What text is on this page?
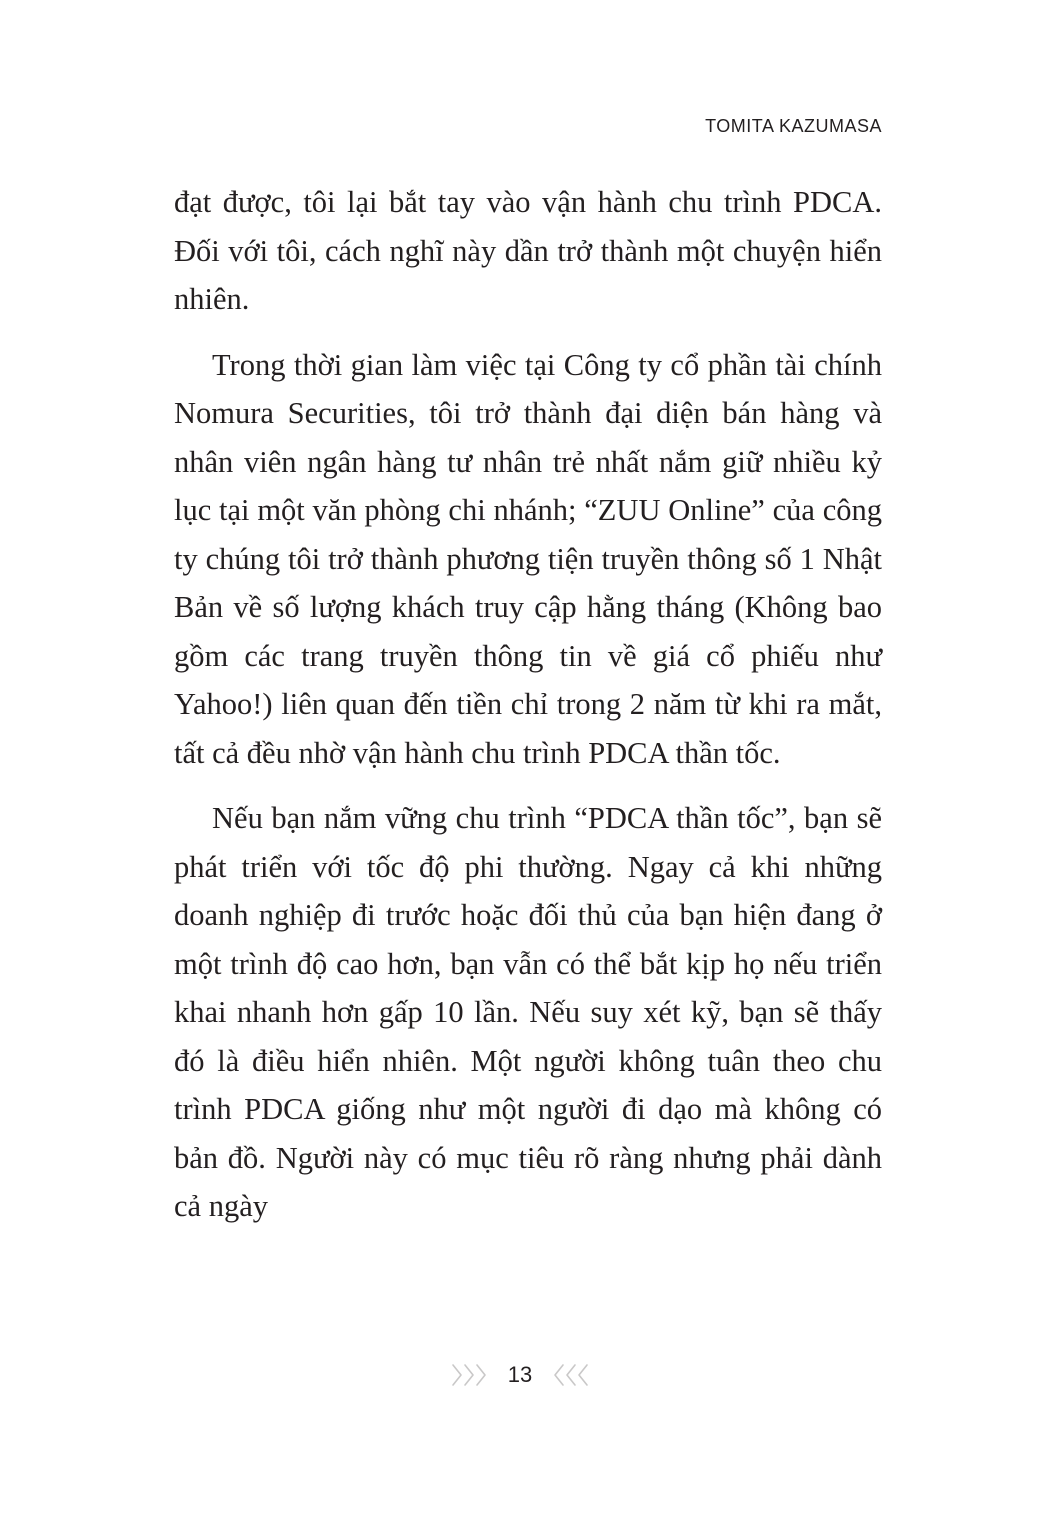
TOMITA KAZUMASA

đạt được, tôi lại bắt tay vào vận hành chu trình PDCA. Đối với tôi, cách nghĩ này dần trở thành một chuyện hiển nhiên.

Trong thời gian làm việc tại Công ty cổ phần tài chính Nomura Securities, tôi trở thành đại diện bán hàng và nhân viên ngân hàng tư nhân trẻ nhất nắm giữ nhiều kỷ lục tại một văn phòng chi nhánh; “ZUU Online” của công ty chúng tôi trở thành phương tiện truyền thông số 1 Nhật Bản về số lượng khách truy cập hằng tháng (Không bao gồm các trang truyền thông tin về giá cổ phiếu như Yahoo!) liên quan đến tiền chỉ trong 2 năm từ khi ra mắt, tất cả đều nhờ vận hành chu trình PDCA thần tốc.

Nếu bạn nắm vững chu trình “PDCA thần tốc”, bạn sẽ phát triển với tốc độ phi thường. Ngay cả khi những doanh nghiệp đi trước hoặc đối thủ của bạn hiện đang ở một trình độ cao hơn, bạn vẫn có thể bắt kịp họ nếu triển khai nhanh hơn gấp 10 lần. Nếu suy xét kỹ, bạn sẽ thấy đó là điều hiển nhiên. Một người không tuân theo chu trình PDCA giống như một người đi dạo mà không có bản đồ. Người này có mục tiêu rõ ràng nhưng phải dành cả ngày

13
